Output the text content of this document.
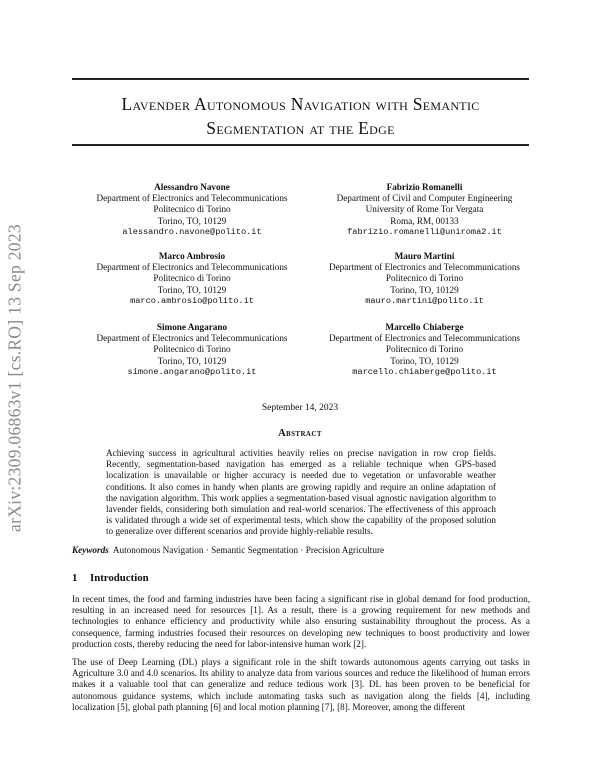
arXiv:2309.06863v1 [cs.RO] 13 Sep 2023
Lavender Autonomous Navigation with Semantic Segmentation at the Edge
Alessandro Navone
Department of Electronics and Telecommunications
Politecnico di Torino
Torino, TO, 10129
alessandro.navone@polito.it
Fabrizio Romanelli
Department of Civil and Computer Engineering
University of Rome Tor Vergata
Roma, RM, 00133
fabrizio.romanelli@uniroma2.it
Marco Ambrosio
Department of Electronics and Telecommunications
Politecnico di Torino
Torino, TO, 10129
marco.ambrosio@polito.it
Mauro Martini
Department of Electronics and Telecommunications
Politecnico di Torino
Torino, TO, 10129
mauro.martini@polito.it
Simone Angarano
Department of Electronics and Telecommunications
Politecnico di Torino
Torino, TO, 10129
simone.angarano@polito.it
Marcello Chiaberge
Department of Electronics and Telecommunications
Politecnico di Torino
Torino, TO, 10129
marcello.chiaberge@polito.it
September 14, 2023
Abstract
Achieving success in agricultural activities heavily relies on precise navigation in row crop fields. Recently, segmentation-based navigation has emerged as a reliable technique when GPS-based localization is unavailable or higher accuracy is needed due to vegetation or unfavorable weather conditions. It also comes in handy when plants are growing rapidly and require an online adaptation of the navigation algorithm. This work applies a segmentation-based visual agnostic navigation algorithm to lavender fields, considering both simulation and real-world scenarios. The effectiveness of this approach is validated through a wide set of experimental tests, which show the capability of the proposed solution to generalize over different scenarios and provide highly-reliable results.
Keywords Autonomous Navigation · Semantic Segmentation · Precision Agriculture
1 Introduction
In recent times, the food and farming industries have been facing a significant rise in global demand for food production, resulting in an increased need for resources [1]. As a result, there is a growing requirement for new methods and technologies to enhance efficiency and productivity while also ensuring sustainability throughout the process. As a consequence, farming industries focused their resources on developing new techniques to boost productivity and lower production costs, thereby reducing the need for labor-intensive human work [2].
The use of Deep Learning (DL) plays a significant role in the shift towards autonomous agents carrying out tasks in Agriculture 3.0 and 4.0 scenarios. Its ability to analyze data from various sources and reduce the likelihood of human errors makes it a valuable tool that can generalize and reduce tedious work [3]. DL has been proven to be beneficial for autonomous guidance systems, which include automating tasks such as navigation along the fields [4], including localization [5], global path planning [6] and local motion planning [7], [8]. Moreover, among the different
